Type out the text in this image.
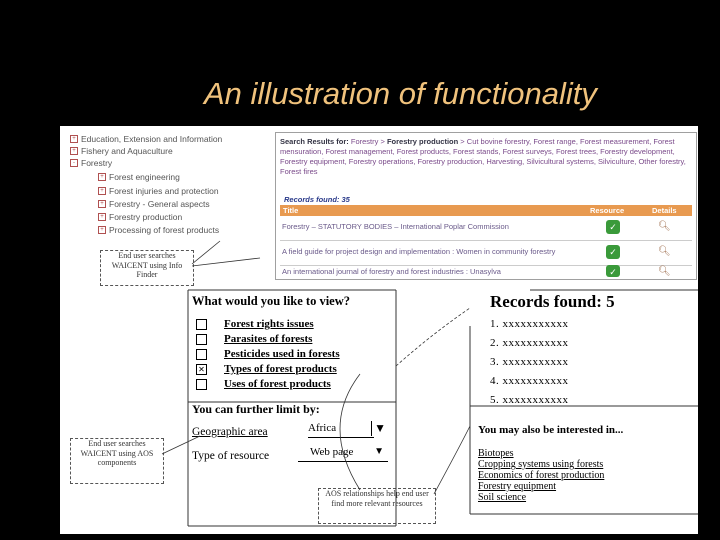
An illustration of functionality
+ Education, Extension and Information
+ Fishery and Aquaculture
- Forestry
+ Forest engineering
+ Forest injuries and protection
+ Forestry - General aspects
+ Forestry production
+ Processing of forest products
Search Results for: Forestry > Forestry production > Cut bovine forestry, Forest range, Forest measurement, Forest mensuration, Forest management, Forest products, Forest stands, Forest surveys, Forest trees, Forestry development, Forestry equipment, Forestry operations, Forestry production, Harvesting, Silvicultural systems, Silviculture, Other forestry, Forest fires
Records found: 35
Title	Resource	Details
Forestry – STATUTORY BODIES – International Poplar Commission	✓	🔍︎
A field guide for project design and implementation : Women in community forestry	✓	🔍︎
An international journal of forestry and forest industries : Unasylva	✓	🔍︎
End user searches WAICENT using Info Finder
What would you like to view?
Forest rights issues
Parasites of forests
Pesticides used in forests
✕ Types of forest products
Uses of forest products
You can further limit by:
Geographic area	Africa	▼
Type of resource	Web page ▼
End user searches WAICENT using AOS components
Records found: 5
1. xxxxxxxxxxx
2. xxxxxxxxxxx
3. xxxxxxxxxxx
4. xxxxxxxxxxx
5. xxxxxxxxxxx
You may also be interested in...
Biotopes
Cropping systems using forests
Economics of forest production
Forestry equipment
Soil science
AOS relationships help end user find more relevant resources
